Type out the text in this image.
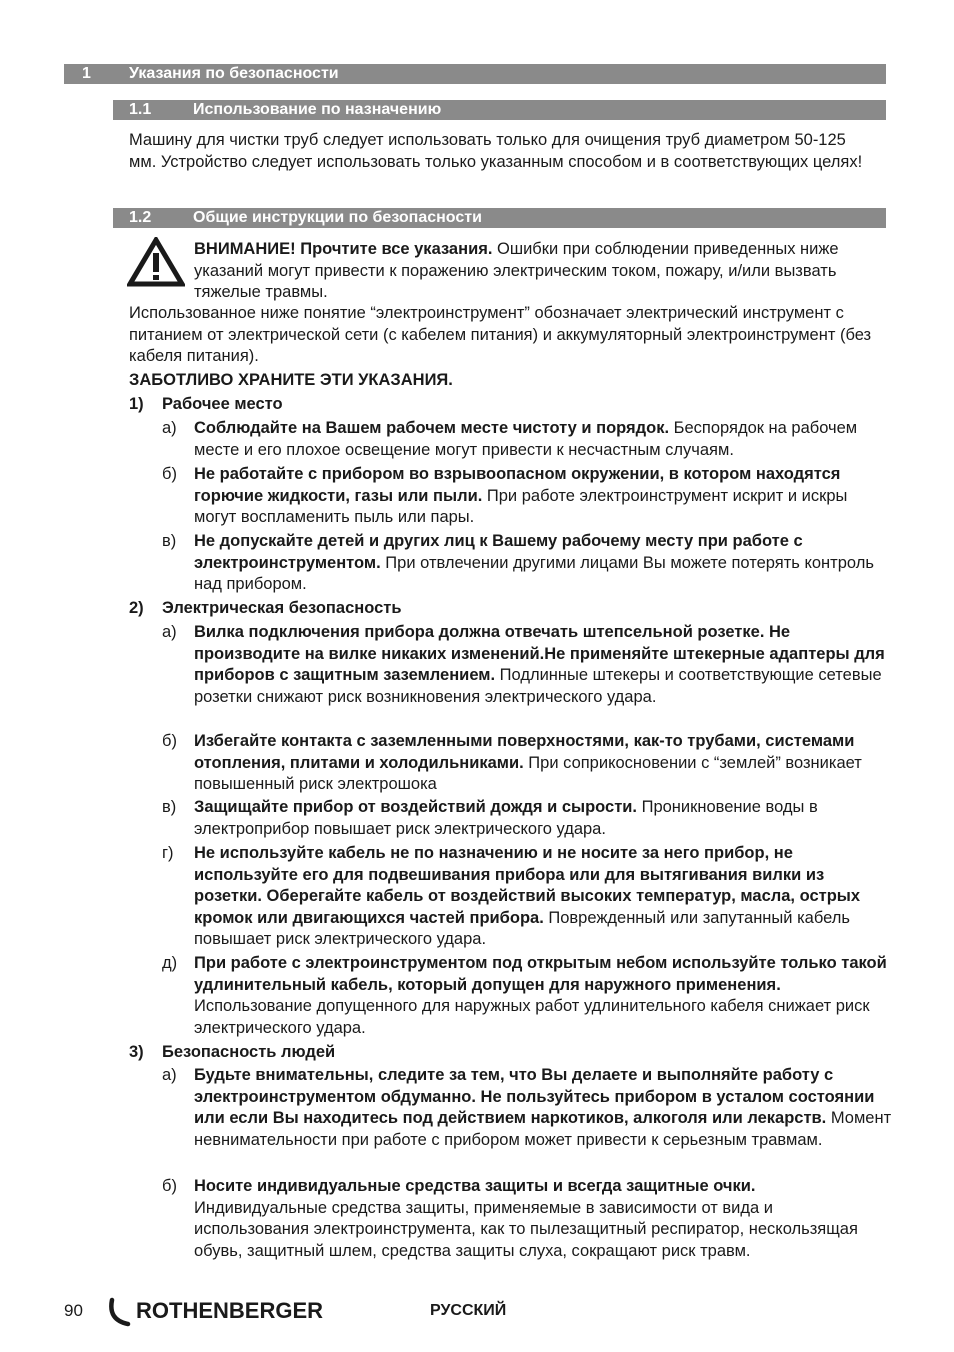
1 Указания по безопасности
1.1	Использование по назначению

Машину для чистки труб следует использовать только для очищения труб диаметром 50-125 мм. Устройство следует использовать только указанным способом и в соответствующих целях!

1.2	Общие инструкции по безопасности

ВНИМАНИЕ! Прочтите все указания. Ошибки при соблюдении приведенных ниже указаний могут привести к поражению электрическим током, пожару, и/или вызвать тяжелые травмы.

Использованное ниже понятие “электроинструмент” обозначает электрический инструмент с питанием от электрической сети (с кабелем питания) и аккумуляторный электроинструмент (без кабеля питания).

ЗАБОТЛИВО ХРАНИТЕ ЭТИ УКАЗАНИЯ.
1) Рабочее место
а) Соблюдайте на Вашем рабочем месте чистоту и порядок. Беспорядок на рабочем месте и его плохое освещение могут привести к несчастным случаям.
б) Не работайте с прибором во взрывоопасном окружении, в котором находятся горючие жидкости, газы или пыли. При работе электроинструмент искрит и искры могут воспламенить пыль или пары.
в) Не допускайте детей и других лиц к Вашему рабочему месту при работе с электроинструментом. При отвлечении другими лицами Вы можете потерять контроль над прибором.
2) Электрическая безопасность
а) Вилка подключения прибора должна отвечать штепсельной розетке. Не производите на вилке никаких изменений.Не применяйте штекерные адаптеры для приборов с защитным заземлением. Подлинные штекеры и соответствующие сетевые розетки снижают риск возникновения электрического удара.
б) Избегайте контакта с заземленными поверхностями, как-то трубами, системами отопления, плитами и холодильниками. При соприкосновении с “землей” возникает повышенный риск электрошока
в) Защищайте прибор от воздействий дождя и сырости. Проникновение воды в электроприбор повышает риск электрического удара.
г) Не используйте кабель не по назначению и не носите за него прибор, не используйте его для подвешивания прибора или для вытягивания вилки из розетки. Оберегайте кабель от воздействий высоких температур, масла, острых кромок или двигающихся частей прибора. Поврежденный или запутанный кабель повышает риск электрического удара.
д) При работе с электроинструментом под открытым небом используйте только такой удлинительный кабель, который допущен для наружного применения. Использование допущенного для наружных работ удлинительного кабеля снижает риск электрического удара.
3) Безопасность людей
а) Будьте внимательны, следите за тем, что Вы делаете и выполняйте работу с электроинструментом обдуманно. Не пользуйтесь прибором в усталом состоянии или если Вы находитесь под действием наркотиков, алкоголя или лекарств. Момент невнимательности при работе с прибором может привести к серьезным травмам.
б) Носите индивидуальные средства защиты и всегда защитные очки. Индивидуальные средства защиты, применяемые в зависимости от вида и использования электроинструмента, как то пылезащитный респиратор, нескользящая обувь, защитный шлем, средства защиты слуха, сокращают риск травм.
90 ROTHENBERGER	РУССКИЙ
